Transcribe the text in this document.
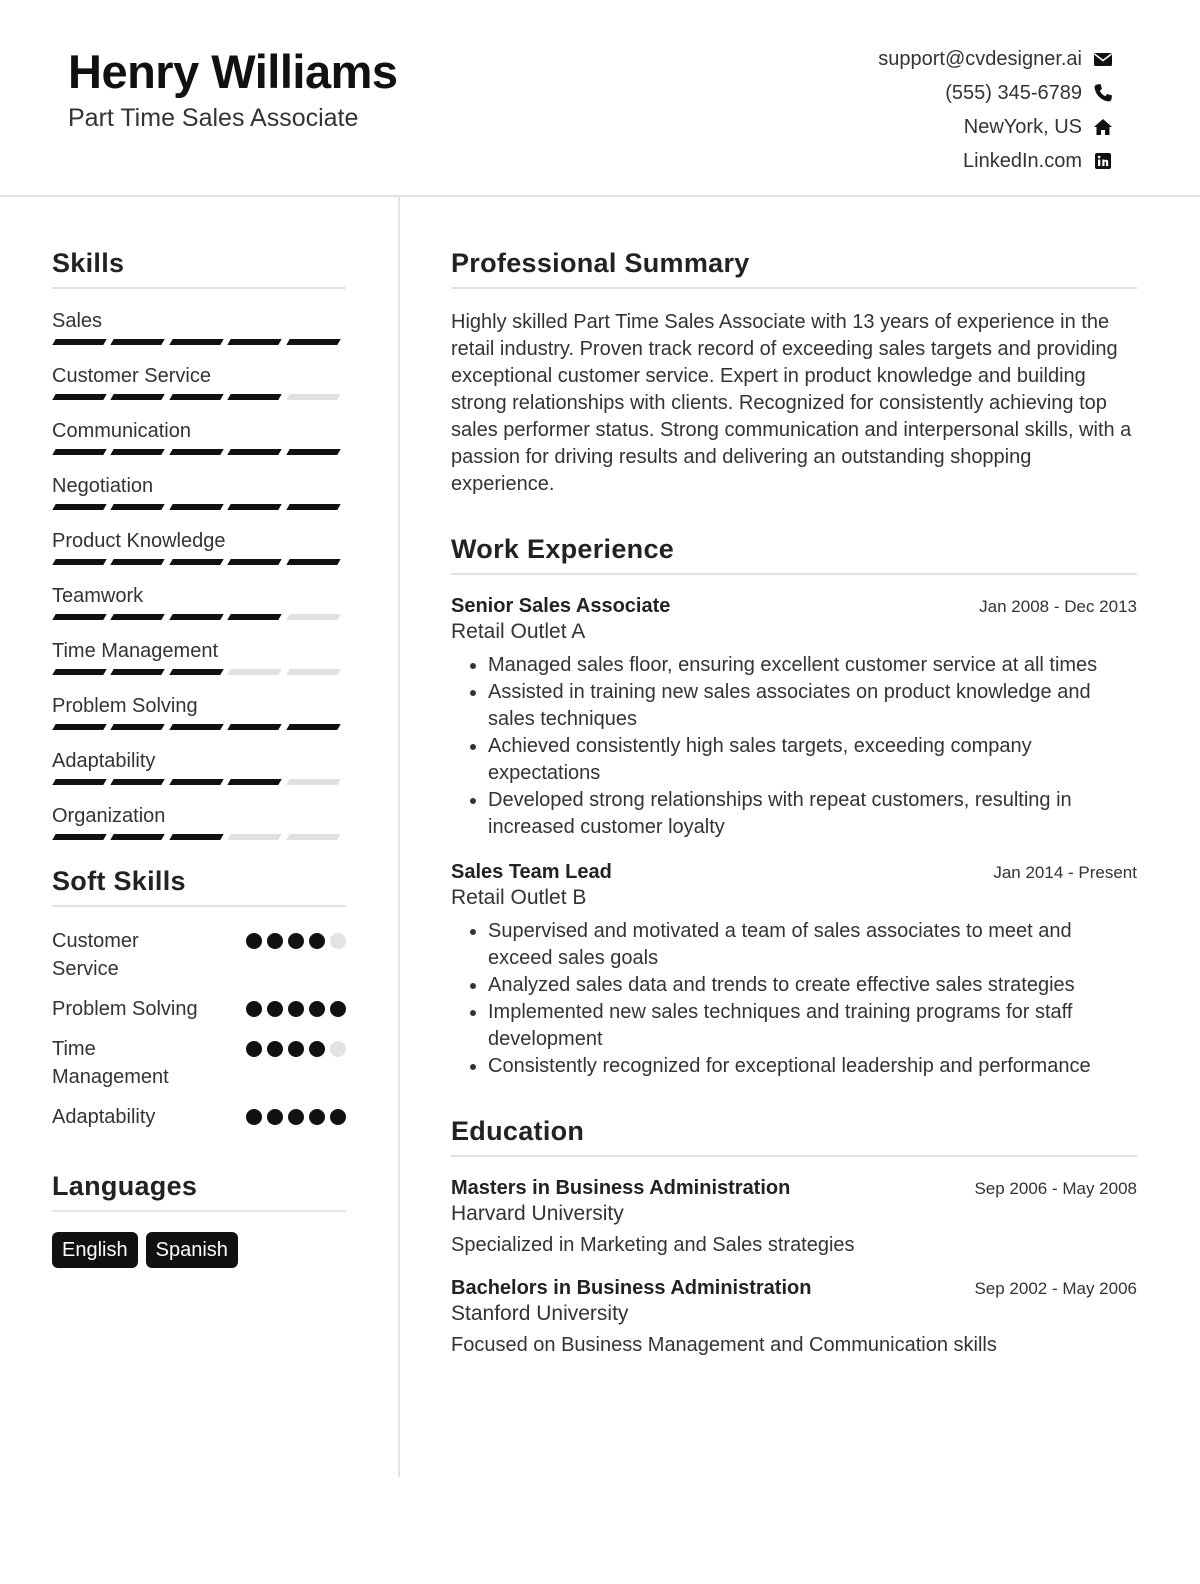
Henry Williams
Part Time Sales Associate
support@cvdesigner.ai
(555) 345-6789
NewYork, US
LinkedIn.com
Skills
Sales
Customer Service
Communication
Negotiation
Product Knowledge
Teamwork
Time Management
Problem Solving
Adaptability
Organization
Soft Skills
Customer Service
Problem Solving
Time Management
Adaptability
Languages
English	Spanish
Professional Summary

Highly skilled Part Time Sales Associate with 13 years of experience in the retail industry. Proven track record of exceeding sales targets and providing exceptional customer service. Expert in product knowledge and building strong relationships with clients. Recognized for consistently achieving top sales performer status. Strong communication and interpersonal skills, with a passion for driving results and delivering an outstanding shopping experience.

Work Experience
Senior Sales Associate	Jan 2008 - Dec 2013
Retail Outlet A
• Managed sales floor, ensuring excellent customer service at all times
• Assisted in training new sales associates on product knowledge and sales techniques
• Achieved consistently high sales targets, exceeding company expectations
• Developed strong relationships with repeat customers, resulting in increased customer loyalty
Sales Team Lead	Jan 2014 - Present
Retail Outlet B
• Supervised and motivated a team of sales associates to meet and exceed sales goals
• Analyzed sales data and trends to create effective sales strategies
• Implemented new sales techniques and training programs for staff development
• Consistently recognized for exceptional leadership and performance
Education
Masters in Business Administration	Sep 2006 - May 2008
Harvard University
Specialized in Marketing and Sales strategies
Bachelors in Business Administration	Sep 2002 - May 2006
Stanford University
Focused on Business Management and Communication skills
